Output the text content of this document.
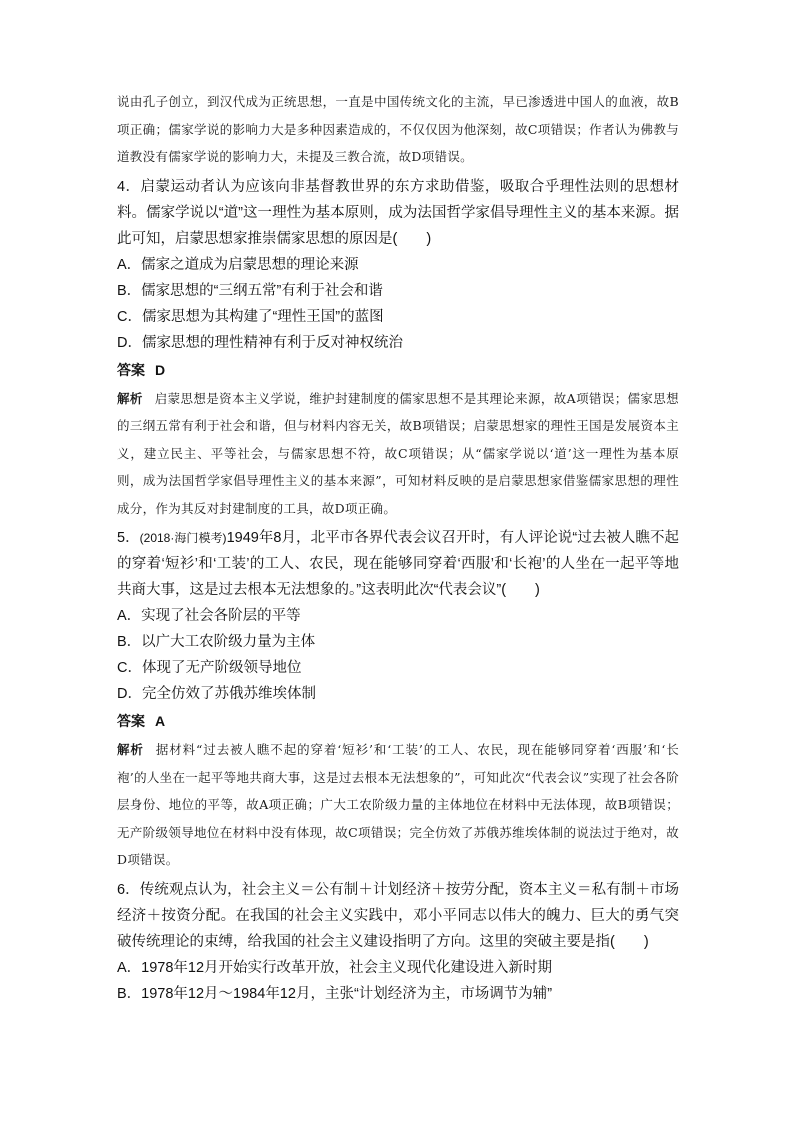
说由孔子创立，到汉代成为正统思想，一直是中国传统文化的主流，早已渗透进中国人的血液，故B项正确；儒家学说的影响力大是多种因素造成的，不仅仅因为他深刻，故C项错误；作者认为佛教与道教没有儒家学说的影响力大，未提及三教合流，故D项错误。

4．启蒙运动者认为应该向非基督教世界的东方求助借鉴，吸取合乎理性法则的思想材料。儒家学说以“道”这一理性为基本原则，成为法国哲学家倡导理性主义的基本来源。据此可知，启蒙思想家推崇儒家思想的原因是(　　)

A．儒家之道成为启蒙思想的理论来源
B．儒家思想的“三纲五常”有利于社会和谐
C．儒家思想为其构建了“理性王国”的蓝图
D．儒家思想的理性精神有利于反对神权统治
答案 D

解析 启蒙思想是资本主义学说，维护封建制度的儒家思想不是其理论来源，故A项错误；儒家思想的三纲五常有利于社会和谐，但与材料内容无关，故B项错误；启蒙思想家的理性王国是发展资本主义，建立民主、平等社会，与儒家思想不符，故C项错误；从“儒家学说以‘道’这一理性为基本原则，成为法国哲学家倡导理性主义的基本来源”，可知材料反映的是启蒙思想家借鉴儒家思想的理性成分，作为其反对封建制度的工具，故D项正确。

5．(2018·海门模考)1949年8月，北平市各界代表会议召开时，有人评论说“过去被人瞧不起的穿着‘短衫’和‘工装’的工人、农民，现在能够同穿着‘西服’和‘长袍’的人坐在一起平等地共商大事，这是过去根本无法想象的。”这表明此次“代表会议”(　　)

A．实现了社会各阶层的平等
B．以广大工农阶级力量为主体
C．体现了无产阶级领导地位
D．完全仿效了苏俄苏维埃体制
答案 A

解析 据材料“过去被人瞧不起的穿着‘短衫’和‘工装’的工人、农民，现在能够同穿着‘西服’和‘长袍’的人坐在一起平等地共商大事，这是过去根本无法想象的”，可知此次“代表会议”实现了社会各阶层身份、地位的平等，故A项正确；广大工农阶级力量的主体地位在材料中无法体现，故B项错误；无产阶级领导地位在材料中没有体现，故C项错误；完全仿效了苏俄苏维埃体制的说法过于绝对，故D项错误。

6．传统观点认为，社会主义＝公有制＋计划经济＋按劳分配，资本主义＝私有制＋市场经济＋按资分配。在我国的社会主义实践中，邓小平同志以伟大的魄力、巨大的勇气突破传统理论的束缚，给我国的社会主义建设指明了方向。这里的突破主要是指(　　)

A．1978年12月开始实行改革开放，社会主义现代化建设进入新时期
B．1978年12月～1984年12月，主张“计划经济为主，市场调节为辅”
